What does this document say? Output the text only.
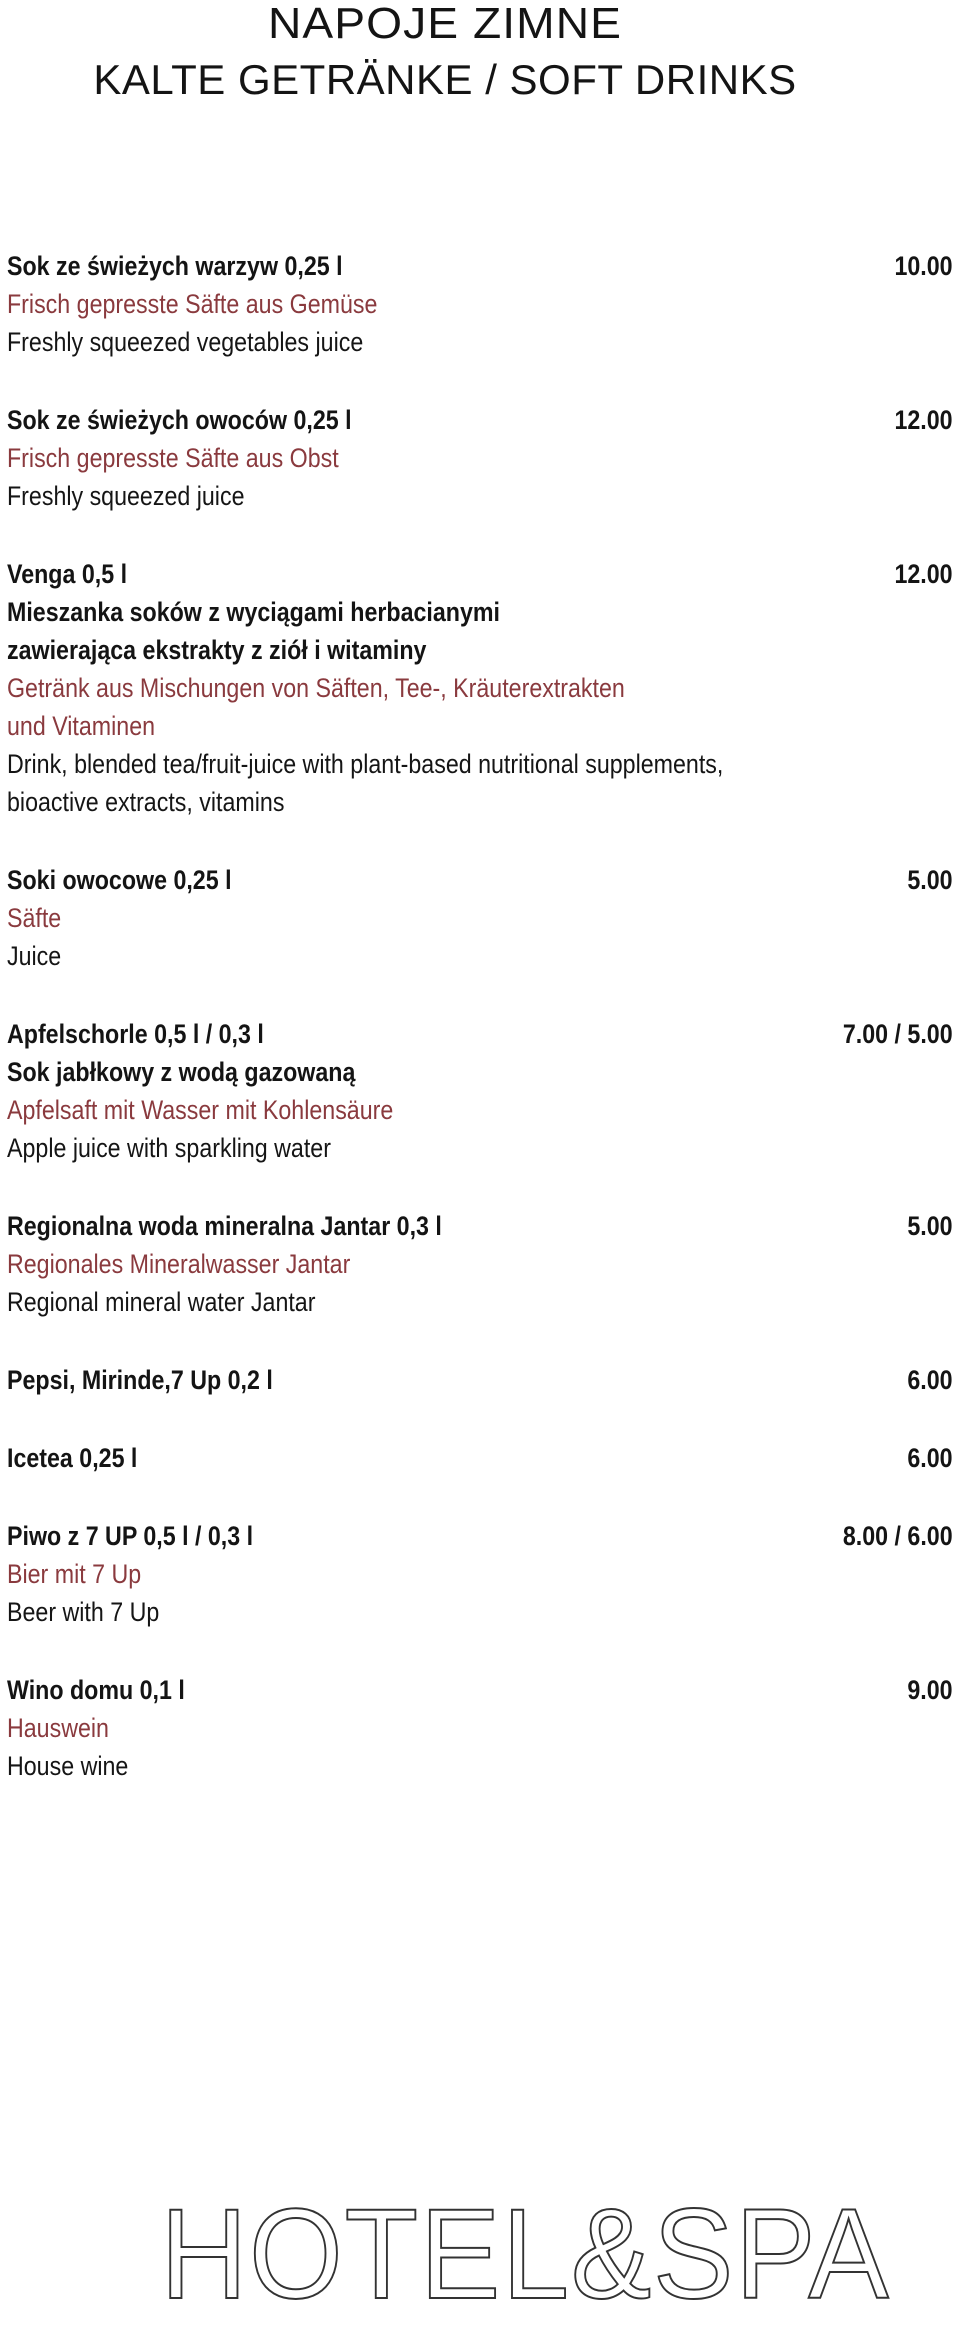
NAPOJE ZIMNE
KALTE GETRÄNKE / SOFT DRINKS
Sok ze świeżych warzyw 0,25 l	10.00
Frisch gepresste Säfte aus Gemüse
Freshly squeezed vegetables juice
Sok ze świeżych owoców 0,25 l	12.00
Frisch gepresste Säfte aus Obst
Freshly squeezed juice
Venga 0,5 l	12.00
Mieszanka soków z wyciągami herbacianymi
zawierająca ekstrakty z ziół i witaminy
Getränk aus Mischungen von Säften, Tee-, Kräuterextrakten
und Vitaminen
Drink, blended tea/fruit-juice with plant-based nutritional supplements,
bioactive extracts, vitamins
Soki owocowe 0,25 l	5.00
Säfte
Juice
Apfelschorle 0,5 l / 0,3 l	7.00 / 5.00
Sok jabłkowy z wodą gazowaną
Apfelsaft mit Wasser mit Kohlensäure
Apple juice with sparkling water
Regionalna woda mineralna Jantar 0,3 l	5.00
Regionales Mineralwasser Jantar
Regional mineral water Jantar
Pepsi, Mirinde,7 Up 0,2 l	6.00
Icetea 0,25 l	6.00
Piwo z 7 UP 0,5 l / 0,3 l	8.00 / 6.00
Bier mit 7 Up
Beer with 7 Up
Wino domu 0,1 l	9.00
Hauswein
House wine
HOTEL&SPA
